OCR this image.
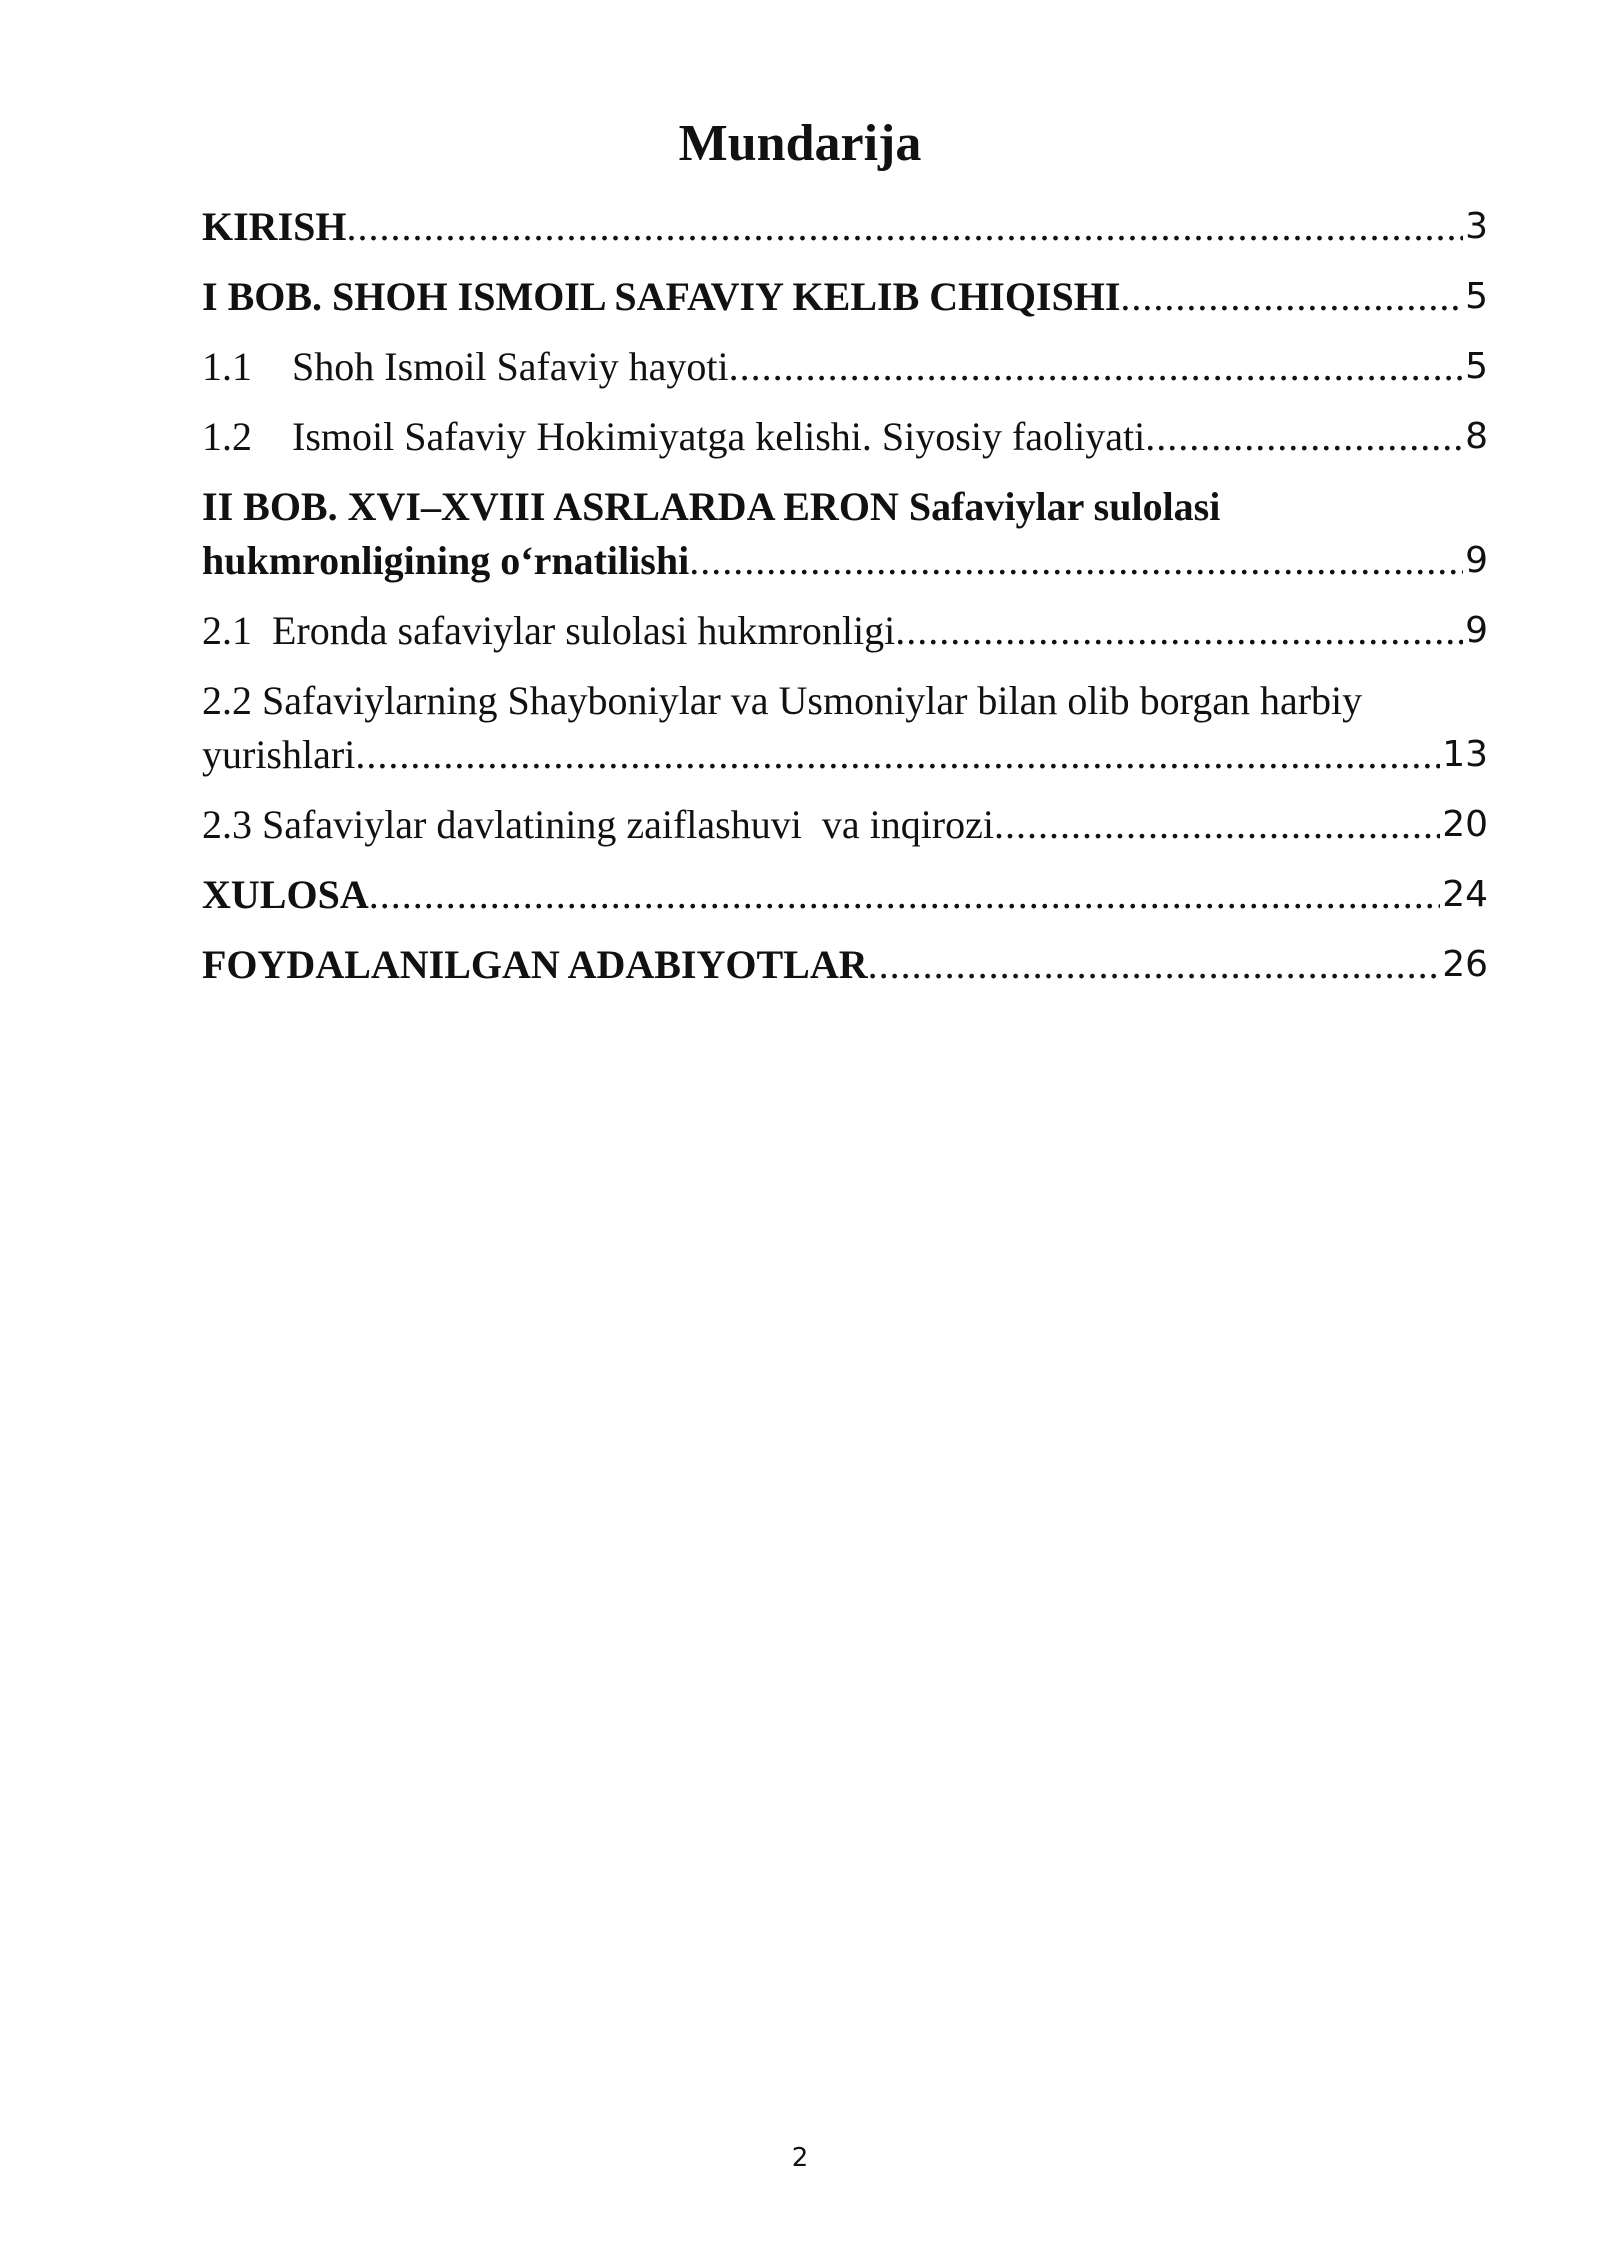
Mundarija
KIRISH .....	3
I BOB. SHOH ISMOIL SAFAVIY KELIB CHIQISHI .....	5
1.1    Shoh Ismoil Safaviy hayoti .....	5
1.2    Ismoil Safaviy Hokimiyatga kelishi. Siyosiy faoliyati .....	8
II BOB. XVI–XVIII ASRLARDA ERON Safaviylar sulolasi
hukmronligining o‘rnatilishi .....	9
2.1  Eronda safaviylar sulolasi hukmronligi .....	9
2.2 Safaviylarning Shayboniylar va Usmoniylar bilan olib borgan harbiy
yurishlari .....	13
2.3 Safaviylar davlatining zaiflashuvi  va inqirozi .....	20
XULOSA .....	24
FOYDALANILGAN ADABIYOTLAR .....	26
2
